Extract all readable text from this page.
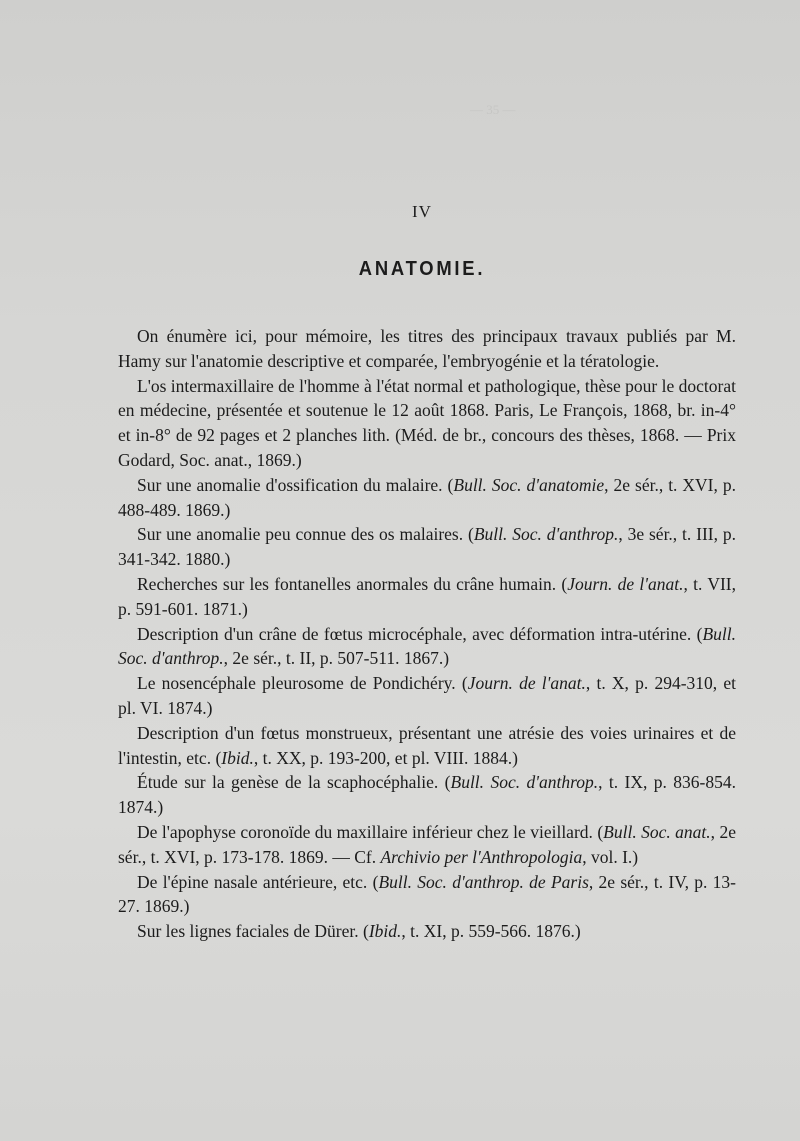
— 35 —
IV
ANATOMIE.

On énumère ici, pour mémoire, les titres des principaux travaux publiés par M. Hamy sur l'anatomie descriptive et comparée, l'embryogénie et la tératologie.

L'os intermaxillaire de l'homme à l'état normal et pathologique, thèse pour le doctorat en médecine, présentée et soutenue le 12 août 1868. Paris, Le François, 1868, br. in-4° et in-8° de 92 pages et 2 planches lith. (Méd. de br., concours des thèses, 1868. — Prix Godard, Soc. anat., 1869.)

Sur une anomalie d'ossification du malaire. (Bull. Soc. d'anatomie, 2e sér., t. XVI, p. 488-489. 1869.)

Sur une anomalie peu connue des os malaires. (Bull. Soc. d'anthrop., 3e sér., t. III, p. 341-342. 1880.)

Recherches sur les fontanelles anormales du crâne humain. (Journ. de l'anat., t. VII, p. 591-601. 1871.)

Description d'un crâne de fœtus microcéphale, avec déformation intra-utérine. (Bull. Soc. d'anthrop., 2e sér., t. II, p. 507-511. 1867.)

Le nosencéphale pleurosome de Pondichéry. (Journ. de l'anat., t. X, p. 294-310, et pl. VI. 1874.)

Description d'un fœtus monstrueux, présentant une atrésie des voies urinaires et de l'intestin, etc. (Ibid., t. XX, p. 193-200, et pl. VIII. 1884.)

Étude sur la genèse de la scaphocéphalie. (Bull. Soc. d'anthrop., t. IX, p. 836-854. 1874.)

De l'apophyse coronoïde du maxillaire inférieur chez le vieillard. (Bull. Soc. anat., 2e sér., t. XVI, p. 173-178. 1869. — Cf. Archivio per l'Anthropologia, vol. I.)

De l'épine nasale antérieure, etc. (Bull. Soc. d'anthrop. de Paris, 2e sér., t. IV, p. 13-27. 1869.)

Sur les lignes faciales de Dürer. (Ibid., t. XI, p. 559-566. 1876.)
